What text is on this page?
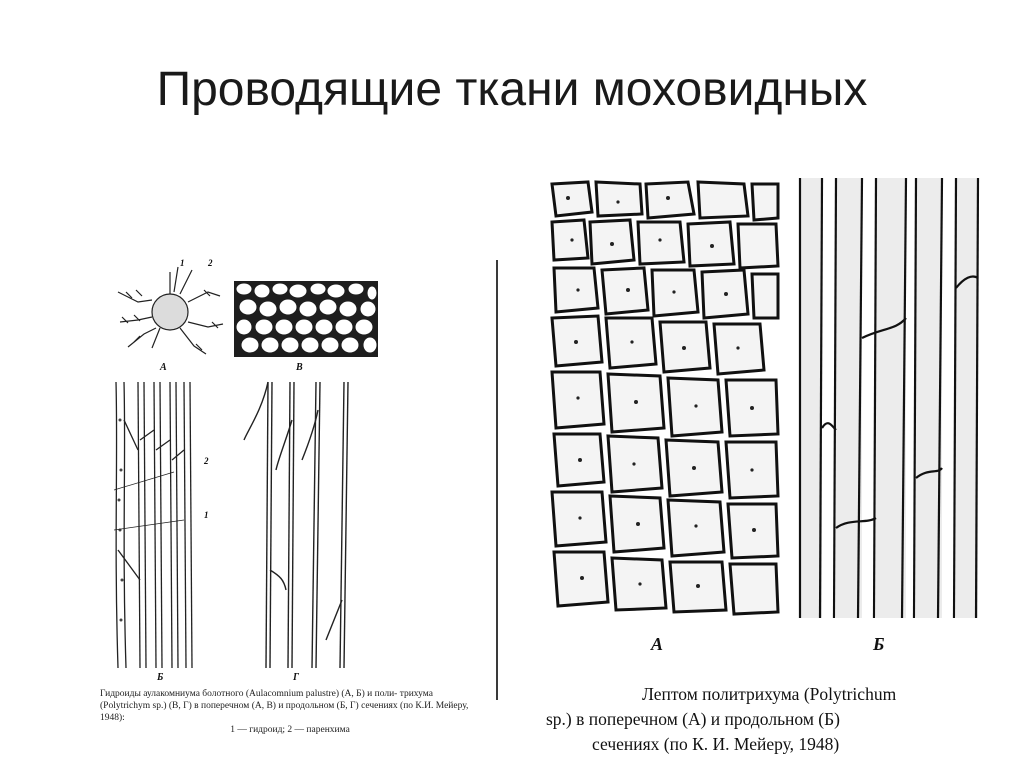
Проводящие ткани моховидных
А
1	2
В
2
1
Б	Г
Гидроиды аулакомниума болотного (Aulacomnium palustre) (А, Б) и поли- трихума (Polytrichym sp.) (В, Г) в поперечном (А, В) и продольном (Б, Г) сечениях (по К.И. Мейеру, 1948):
1 — гидроид; 2 — паренхима
А	Б
Лептом политрихума (Polytrichum
sp.) в поперечном (А) и продольном (Б)
сечениях (по К. И. Мейеру, 1948)
